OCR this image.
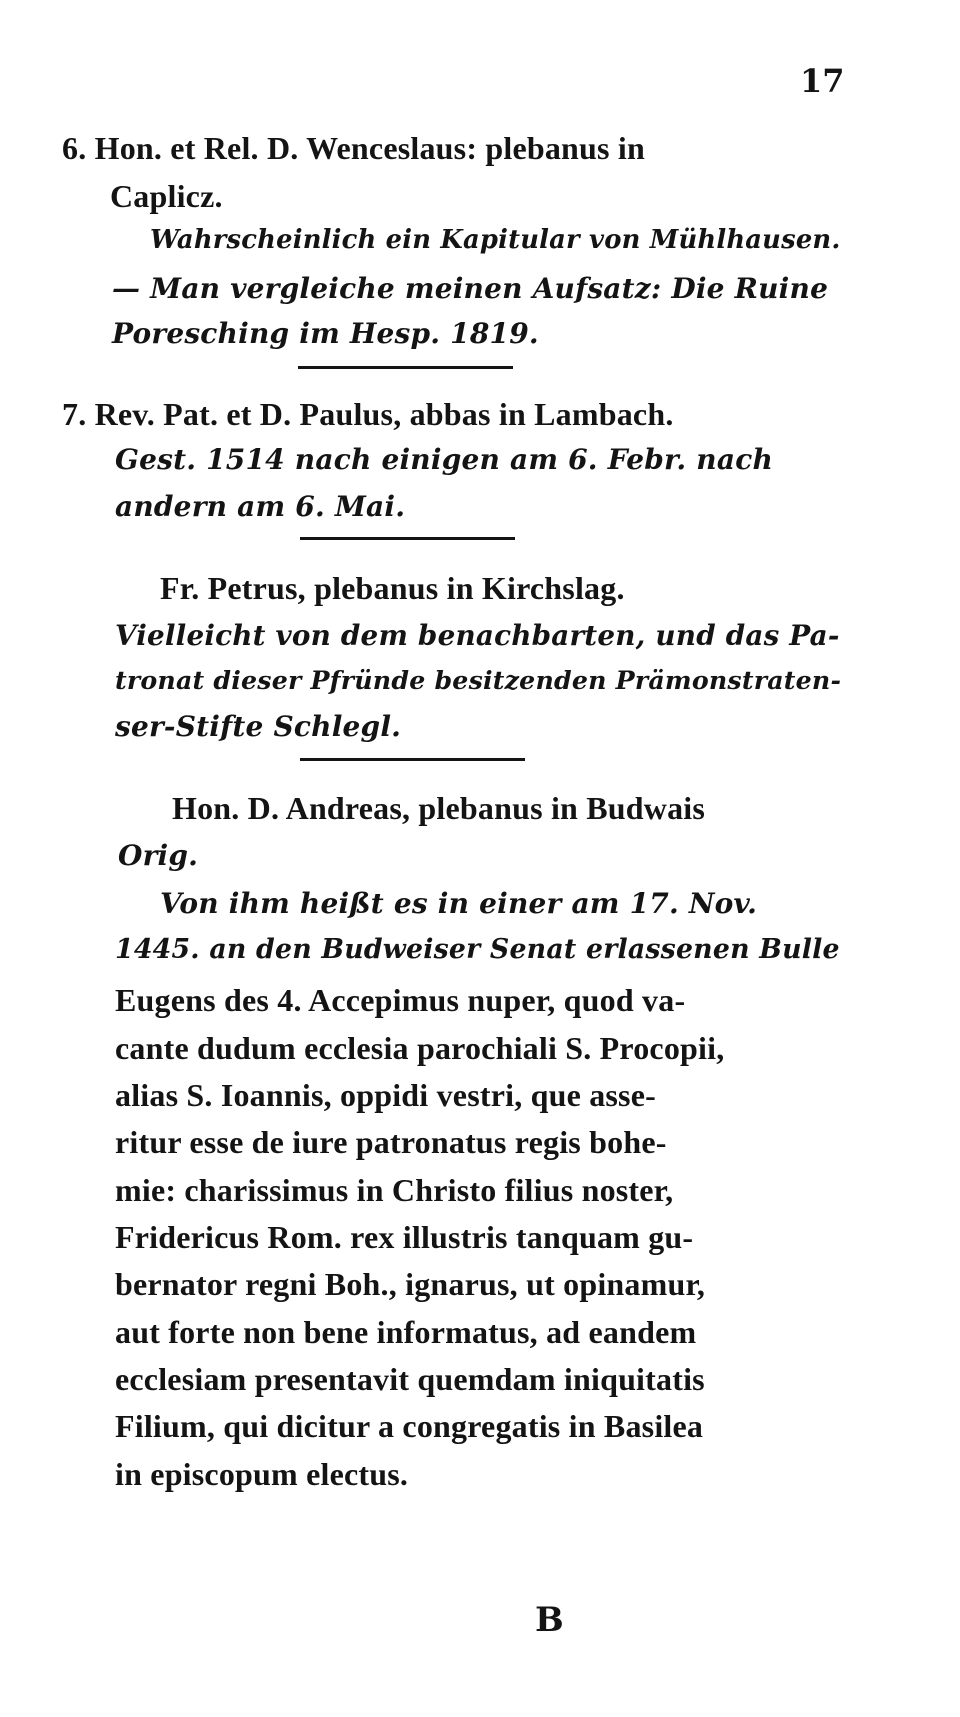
17
6. Hon. et Rel. D. Wenceslaus: plebanus in
Caplicz.
Wahrscheinlich ein Kapitular von Mühlhausen.
— Man vergleiche meinen Aufsatz: Die Ruine
Poresching im Hesp. 1819.
7. Rev. Pat. et D. Paulus, abbas in Lambach.
Gest. 1514 nach einigen am 6. Febr. nach
andern am 6. Mai.
Fr. Petrus, plebanus in Kirchslag.
Vielleicht von dem benachbarten, und das Pa-
tronat dieser Pfründe besitzenden Prämonstraten-
ser-Stifte Schlegl.
Hon. D. Andreas, plebanus in Budwais
Orig.
Von ihm heißt es in einer am 17. Nov.
1445. an den Budweiser Senat erlassenen Bulle
Eugens des 4. Accepimus nuper, quod va-
cante dudum ecclesia parochiali S. Procopii,
alias S. Ioannis, oppidi vestri, que asse-
ritur esse de iure patronatus regis bohe-
mie: charissimus in Christo filius noster,
Fridericus Rom. rex illustris tanquam gu-
bernator regni Boh., ignarus, ut opinamur,
aut forte non bene informatus, ad eandem
ecclesiam presentavit quemdam iniquitatis
Filium, qui dicitur a congregatis in Basilea
in episcopum electus.
B
